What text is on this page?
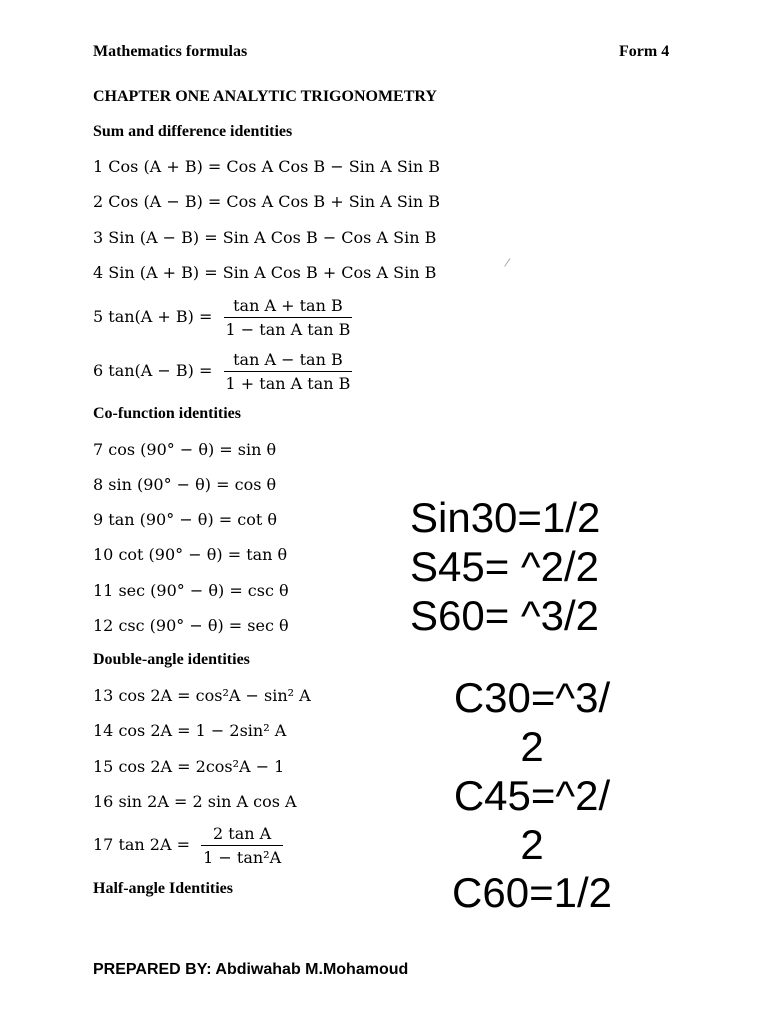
Mathematics formulas	Form 4
CHAPTER ONE ANALYTIC TRIGONOMETRY
Sum and difference identities
1 Cos (A + B) = Cos A Cos B − Sin A Sin B
2 Cos (A − B) = Cos A Cos B + Sin A Sin B
3 Sin (A − B) = Sin A Cos B − Cos A Sin B
4 Sin (A + B) = Sin A Cos B + Cos A Sin B	/
5 $\tan(A + B) = \frac{\text{tan A + tan B}}{\text{1 − tan A tan B}}$
6 $\tan(A - B) = \frac{\text{tan A − tan B}}{\text{1 + tan A tan B}}$
Co-function identities
7 cos (90° − θ) = sin θ
8 sin (90° − θ) = cos θ
9 tan (90° − θ) = cot θ
10 cot (90° − θ) = tan θ
11 sec (90° − θ) = csc θ
12 csc (90° − θ) = sec θ
Double-angle identities
13 cos 2A = cos²A − sin² A
14 cos 2A = 1 − 2sin² A
15 cos 2A = 2cos²A − 1
16 sin 2A = 2 sin A cos A
17 $\tan 2A = \frac{\text{2 tan A}}{\text{1 − tan²A}}$
Half-angle Identities
Sin30=1/2
S45= ^2/2
S60= ^3/2
C30=^3/
2
C45=^2/
2
C60=1/2
PREPARED BY: Abdiwahab M.Mohamoud
